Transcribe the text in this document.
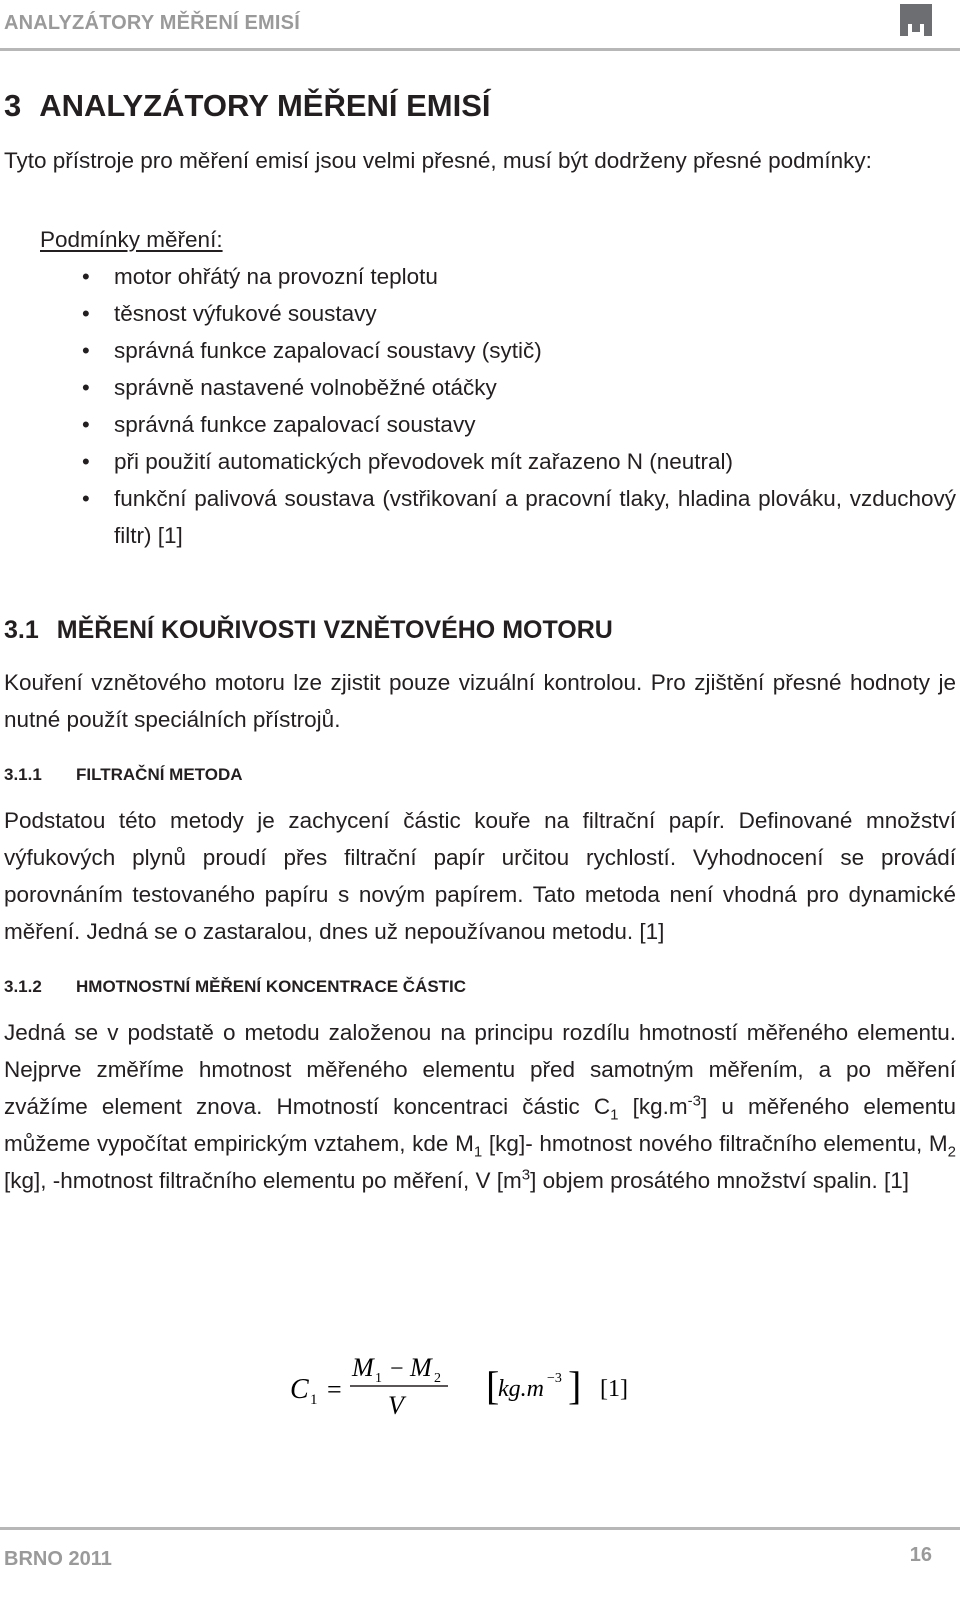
ANALYZÁTORY MĚŘENÍ EMISÍ
3 ANALYZÁTORY MĚŘENÍ EMISÍ

Tyto přístroje pro měření emisí jsou velmi přesné, musí být dodrženy přesné podmínky:

Podmínky měření:
• motor ohřátý na provozní teplotu
• těsnost výfukové soustavy
• správná funkce zapalovací soustavy (sytič)
• správně nastavené volnoběžné otáčky
• správná funkce zapalovací soustavy
• při použití automatických převodovek mít zařazeno N (neutral)
• funkční palivová soustava (vstřikovaní a pracovní tlaky, hladina plováku, vzduchový filtr) [1]
3.1 MĚŘENÍ KOUŘIVOSTI VZNĚTOVÉHO MOTORU

Kouření vznětového motoru lze zjistit pouze vizuální kontrolou. Pro zjištění přesné hodnoty je nutné použít speciálních přístrojů.

3.1.1 FILTRAČNÍ METODA

Podstatou této metody je zachycení částic kouře na filtrační papír. Definované množství výfukových plynů proudí přes filtrační papír určitou rychlostí. Vyhodnocení se provádí porovnáním testovaného papíru s novým papírem. Tato metoda není vhodná pro dynamické měření. Jedná se o zastaralou, dnes už nepoužívanou metodu. [1]

3.1.2 HMOTNOSTNÍ MĚŘENÍ KONCENTRACE ČÁSTIC

Jedná se v podstatě o metodu založenou na principu rozdílu hmotností měřeného elementu. Nejprve změříme hmotnost měřeného elementu před samotným měřením, a po měření zvážíme element znova. Hmotností koncentraci částic $C_1$ $[kg.m^{-3}]$ u měřeného elementu můžeme vypočítat empirickým vztahem, kde $M_1$ [kg]- hmotnost nového filtračního elementu, $M_2$ [kg], -hmotnost filtračního elementu po měření, V $[m^3]$ objem prosátého množství spalin. [1]

C 1 =
M 1 − M 2
V [
kg.m −3 ] [1]
BRNO 2011	16
